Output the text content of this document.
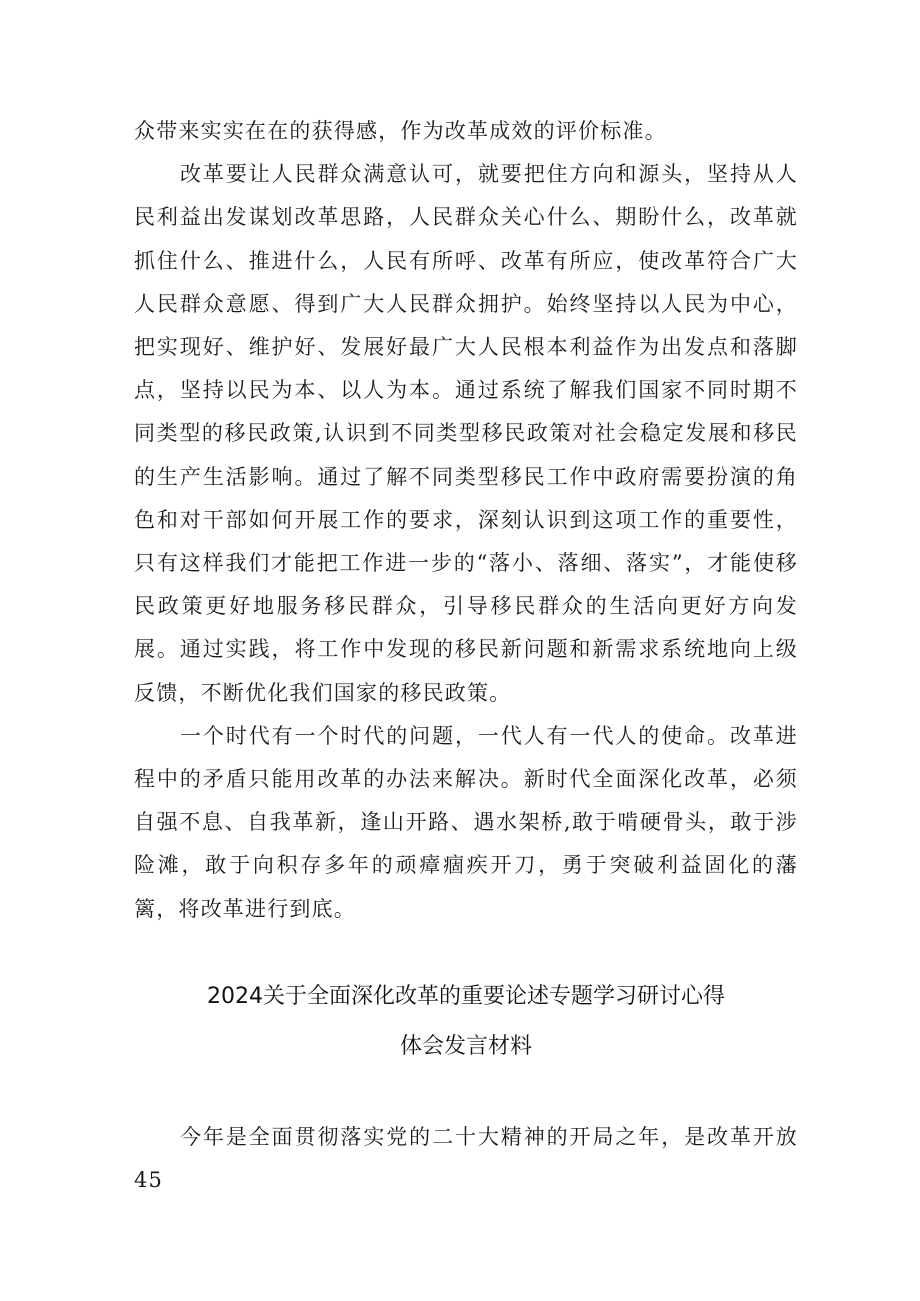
众带来实实在在的获得感，作为改革成效的评价标准。

改革要让人民群众满意认可，就要把住方向和源头，坚持从人民利益出发谋划改革思路，人民群众关心什么、期盼什么，改革就抓住什么、推进什么，人民有所呼、改革有所应，使改革符合广大人民群众意愿、得到广大人民群众拥护。始终坚持以人民为中心，把实现好、维护好、发展好最广大人民根本利益作为出发点和落脚点，坚持以民为本、以人为本。通过系统了解我们国家不同时期不同类型的移民政策,认识到不同类型移民政策对社会稳定发展和移民的生产生活影响。通过了解不同类型移民工作中政府需要扮演的角色和对干部如何开展工作的要求，深刻认识到这项工作的重要性，只有这样我们才能把工作进一步的“落小、落细、落实”，才能使移民政策更好地服务移民群众，引导移民群众的生活向更好方向发展。通过实践，将工作中发现的移民新问题和新需求系统地向上级反馈，不断优化我们国家的移民政策。

一个时代有一个时代的问题，一代人有一代人的使命。改革进程中的矛盾只能用改革的办法来解决。新时代全面深化改革，必须自强不息、自我革新，逢山开路、遇水架桥,敢于啃硬骨头，敢于涉险滩，敢于向积存多年的顽瘴痼疾开刀，勇于突破利益固化的藩篱，将改革进行到底。

2024关于全面深化改革的重要论述专题学习研讨心得
体会发言材料

今年是全面贯彻落实党的二十大精神的开局之年，是改革开放45
